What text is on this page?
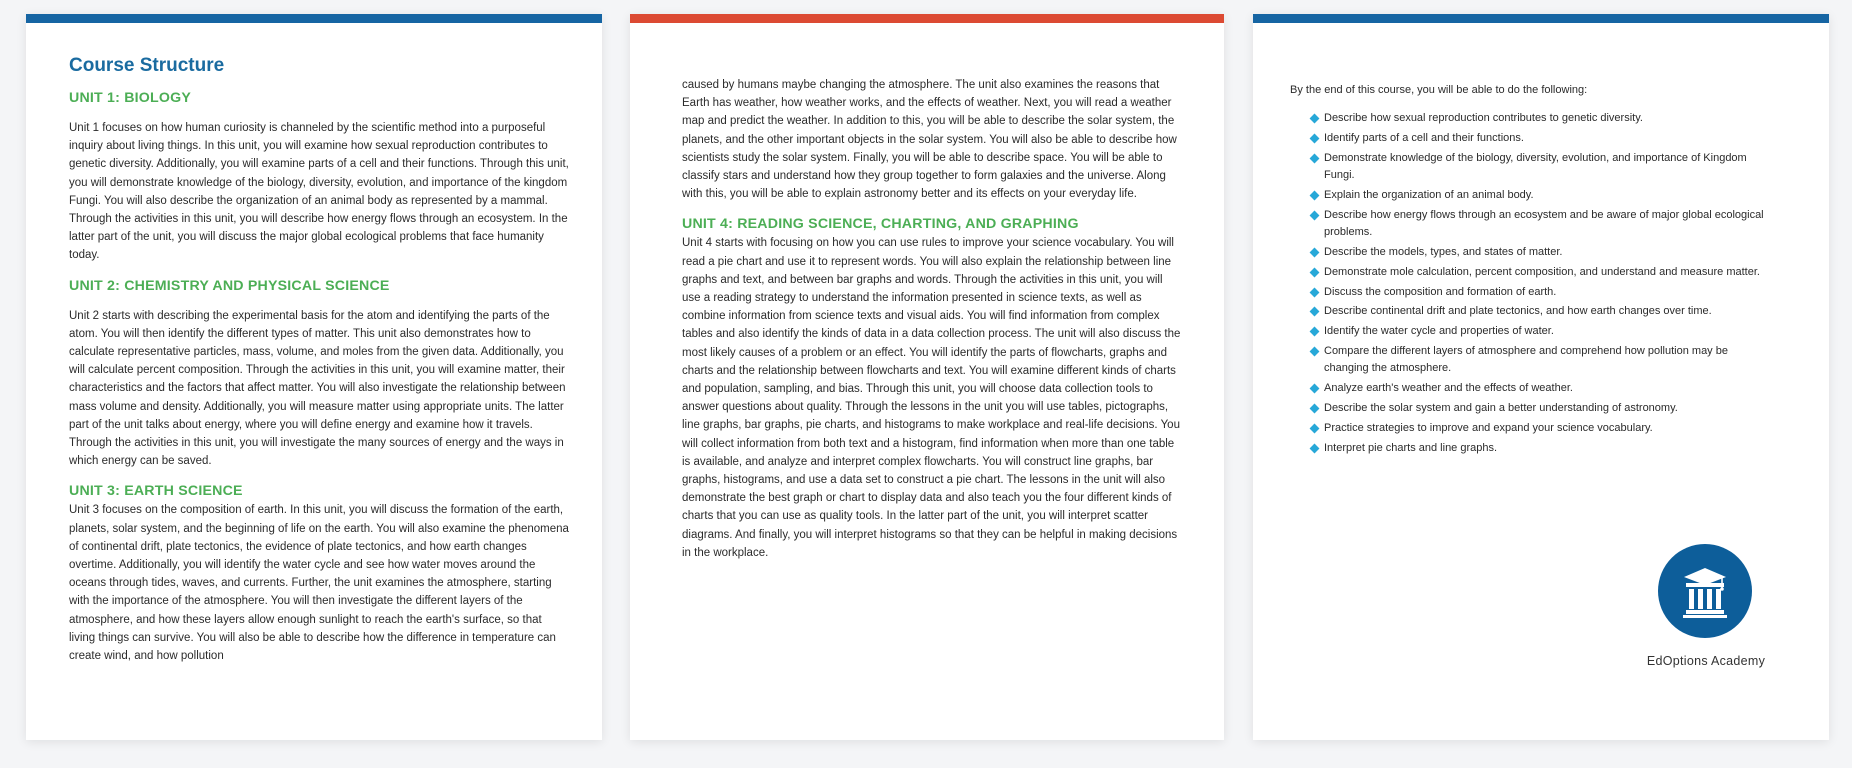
Course Structure
UNIT 1: BIOLOGY

Unit 1 focuses on how human curiosity is channeled by the scientific method into a purposeful inquiry about living things. In this unit, you will examine how sexual reproduction contributes to genetic diversity. Additionally, you will examine parts of a cell and their functions. Through this unit, you will demonstrate knowledge of the biology, diversity, evolution, and importance of the kingdom Fungi. You will also describe the organization of an animal body as represented by a mammal. Through the activities in this unit, you will describe how energy flows through an ecosystem. In the latter part of the unit, you will discuss the major global ecological problems that face humanity today.

UNIT 2: CHEMISTRY AND PHYSICAL SCIENCE

Unit 2 starts with describing the experimental basis for the atom and identifying the parts of the atom. You will then identify the different types of matter. This unit also demonstrates how to calculate representative particles, mass, volume, and moles from the given data. Additionally, you will calculate percent composition. Through the activities in this unit, you will examine matter, their characteristics and the factors that affect matter. You will also investigate the relationship between mass volume and density. Additionally, you will measure matter using appropriate units. The latter part of the unit talks about energy, where you will define energy and examine how it travels. Through the activities in this unit, you will investigate the many sources of energy and the ways in which energy can be saved.

UNIT 3: EARTH SCIENCE

Unit 3 focuses on the composition of earth. In this unit, you will discuss the formation of the earth, planets, solar system, and the beginning of life on the earth. You will also examine the phenomena of continental drift, plate tectonics, the evidence of plate tectonics, and how earth changes overtime. Additionally, you will identify the water cycle and see how water moves around the oceans through tides, waves, and currents. Further, the unit examines the atmosphere, starting with the importance of the atmosphere. You will then investigate the different layers of the atmosphere, and how these layers allow enough sunlight to reach the earth's surface, so that living things can survive. You will also be able to describe how the difference in temperature can create wind, and how pollution

caused by humans maybe changing the atmosphere. The unit also examines the reasons that Earth has weather, how weather works, and the effects of weather. Next, you will read a weather map and predict the weather. In addition to this, you will be able to describe the solar system, the planets, and the other important objects in the solar system. You will also be able to describe how scientists study the solar system. Finally, you will be able to describe space. You will be able to classify stars and understand how they group together to form galaxies and the universe. Along with this, you will be able to explain astronomy better and its effects on your everyday life.

UNIT 4: READING SCIENCE, CHARTING, AND GRAPHING

Unit 4 starts with focusing on how you can use rules to improve your science vocabulary. You will read a pie chart and use it to represent words. You will also explain the relationship between line graphs and text, and between bar graphs and words. Through the activities in this unit, you will use a reading strategy to understand the information presented in science texts, as well as combine information from science texts and visual aids. You will find information from complex tables and also identify the kinds of data in a data collection process. The unit will also discuss the most likely causes of a problem or an effect. You will identify the parts of flowcharts, graphs and charts and the relationship between flowcharts and text. You will examine different kinds of charts and population, sampling, and bias. Through this unit, you will choose data collection tools to answer questions about quality. Through the lessons in the unit you will use tables, pictographs, line graphs, bar graphs, pie charts, and histograms to make workplace and real-life decisions. You will collect information from both text and a histogram, find information when more than one table is available, and analyze and interpret complex flowcharts. You will construct line graphs, bar graphs, histograms, and use a data set to construct a pie chart. The lessons in the unit will also demonstrate the best graph or chart to display data and also teach you the four different kinds of charts that you can use as quality tools. In the latter part of the unit, you will interpret scatter diagrams. And finally, you will interpret histograms so that they can be helpful in making decisions in the workplace.

By the end of this course, you will be able to do the following:

Describe how sexual reproduction contributes to genetic diversity.
Identify parts of a cell and their functions.
Demonstrate knowledge of the biology, diversity, evolution, and importance of Kingdom Fungi.
Explain the organization of an animal body.
Describe how energy flows through an ecosystem and be aware of major global ecological problems.
Describe the models, types, and states of matter.
Demonstrate mole calculation, percent composition, and understand and measure matter.
Discuss the composition and formation of earth.
Describe continental drift and plate tectonics, and how earth changes over time.
Identify the water cycle and properties of water.
Compare the different layers of atmosphere and comprehend how pollution may be changing the atmosphere.
Analyze earth's weather and the effects of weather.
Describe the solar system and gain a better understanding of astronomy.
Practice strategies to improve and expand your science vocabulary.
Interpret pie charts and line graphs.
EdOptions Academy
